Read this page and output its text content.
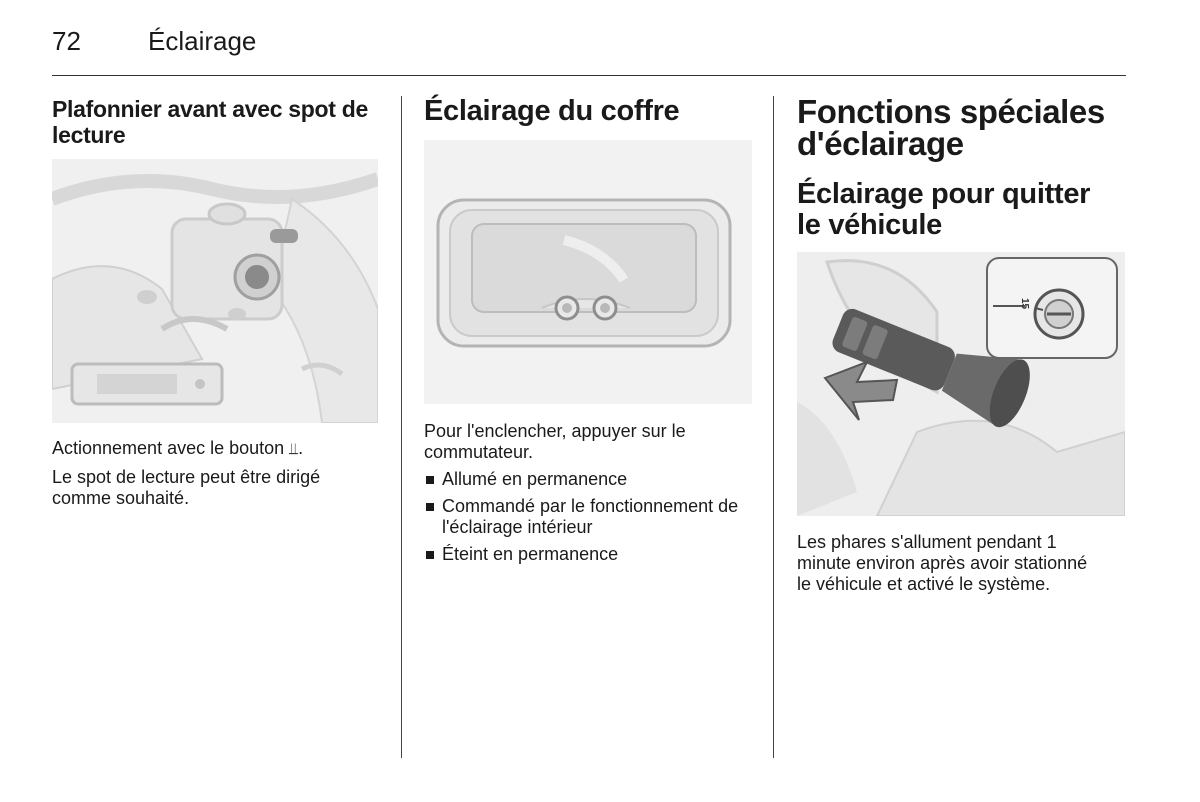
72	Éclairage
Plafonnier avant avec spot de lecture

Actionnement avec le bouton ⫫.

Le spot de lecture peut être dirigé comme souhaité.

Éclairage du coffre

Pour l'enclencher, appuyer sur le commutateur.

Allumé en permanence
Commandé par le fonctionnement de l'éclairage intérieur
Éteint en permanence
Fonctions spéciales d'éclairage
Éclairage pour quitter le véhicule
15

Les phares s'allument pendant 1 minute environ après avoir stationné le véhicule et activé le système.
